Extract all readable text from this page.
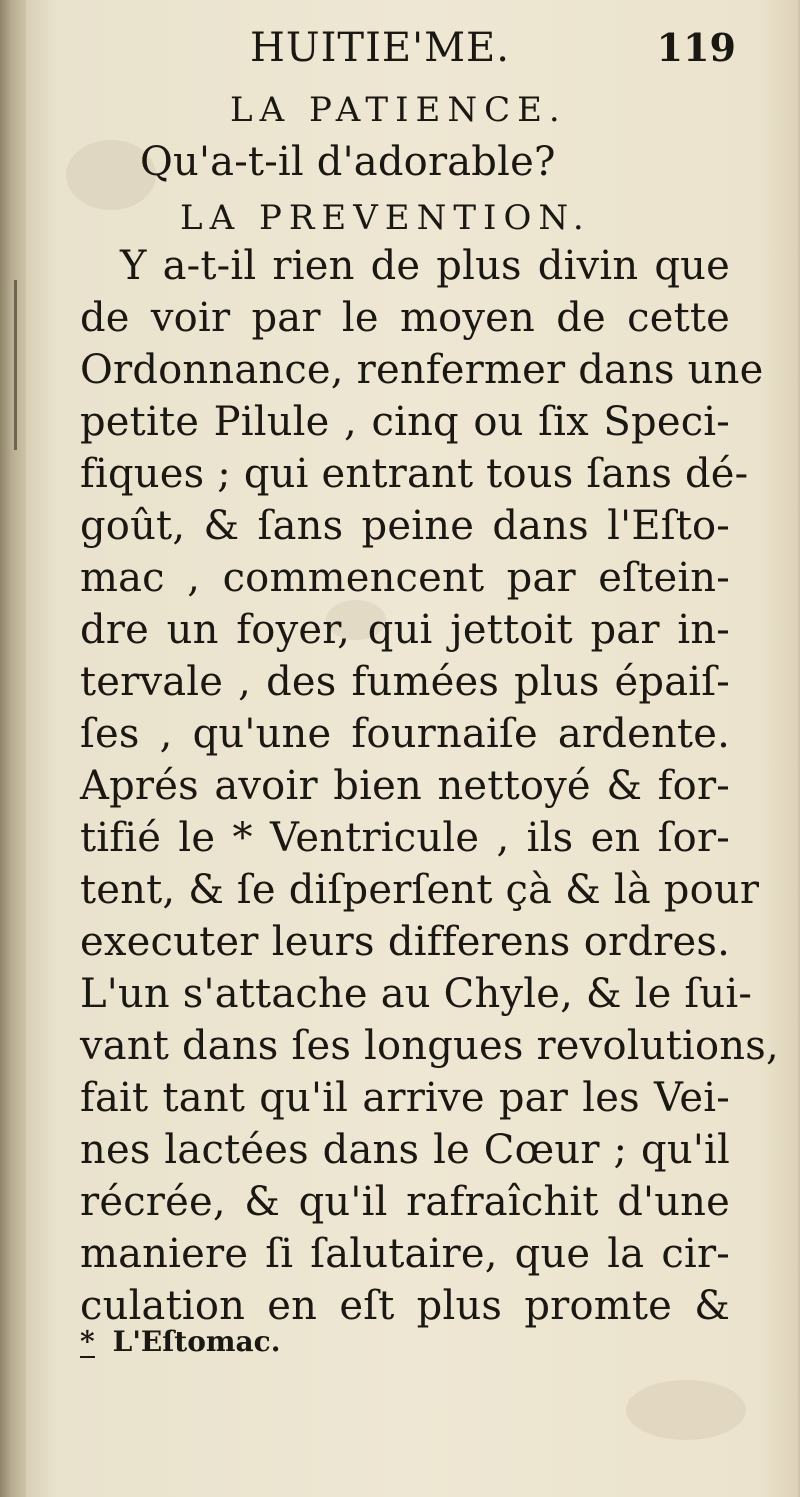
HUITIE'ME.	119
LA PATIENCE.
Qu'a-t-il d'adorable?
LA PREVENTION.
Y a-t-il rien de plus divin que
de voir par le moyen de cette
Ordonnance, renfermer dans une
petite Pilule , cinq ou ſix Speci-
fiques ; qui entrant tous ſans dé-
goût, & ſans peine dans l'Eſto-
mac , commencent par eſtein-
dre un foyer, qui jettoit par in-
tervale , des fumées plus épaiſ-
ſes , qu'une fournaiſe ardente.
Aprés avoir bien nettoyé & for-
tifié le * Ventricule , ils en ſor-
tent, & ſe diſperſent çà & là pour
executer leurs differens ordres.
L'un s'attache au Chyle, & le ſui-
vant dans ſes longues revolutions,
fait tant qu'il arrive par les Vei-
nes lactées dans le Cœur ; qu'il
récrée, & qu'il rafraîchit d'une
maniere ſi ſalutaire, que la cir-
culation en eſt plus promte &
* L'Eſtomac.
